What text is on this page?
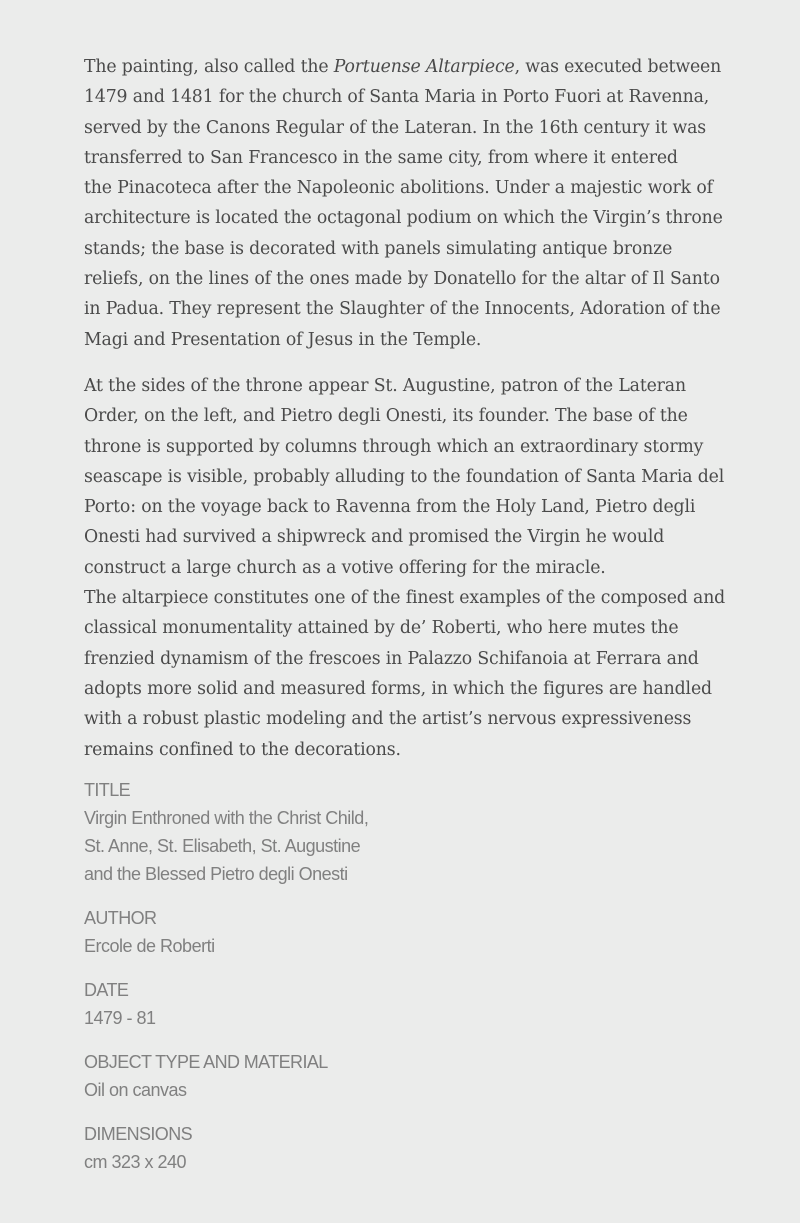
The painting, also called the Portuense Altarpiece, was executed between
1479 and 1481 for the church of Santa Maria in Porto Fuori at Ravenna,
served by the Canons Regular of the Lateran. In the 16th century it was
transferred to San Francesco in the same city, from where it entered
the Pinacoteca after the Napoleonic abolitions. Under a majestic work of
architecture is located the octagonal podium on which the Virgin’s throne
stands; the base is decorated with panels simulating antique bronze
reliefs, on the lines of the ones made by Donatello for the altar of Il Santo
in Padua. They represent the Slaughter of the Innocents, Adoration of the
Magi and Presentation of Jesus in the Temple.

At the sides of the throne appear St. Augustine, patron of the Lateran
Order, on the left, and Pietro degli Onesti, its founder. The base of the
throne is supported by columns through which an extraordinary stormy
seascape is visible, probably alluding to the foundation of Santa Maria del
Porto: on the voyage back to Ravenna from the Holy Land, Pietro degli
Onesti had survived a shipwreck and promised the Virgin he would
construct a large church as a votive offering for the miracle.

The altarpiece constitutes one of the finest examples of the composed and
classical monumentality attained by de’ Roberti, who here mutes the
frenzied dynamism of the frescoes in Palazzo Schifanoia at Ferrara and
adopts more solid and measured forms, in which the figures are handled
with a robust plastic modeling and the artist’s nervous expressiveness
remains confined to the decorations.

TITLE
Virgin Enthroned with the Christ Child,
St. Anne, St. Elisabeth, St. Augustine
and the Blessed Pietro degli Onesti
AUTHOR
Ercole de Roberti
DATE
1479 - 81
OBJECT TYPE AND MATERIAL
Oil on canvas
DIMENSIONS
cm 323 x 240
